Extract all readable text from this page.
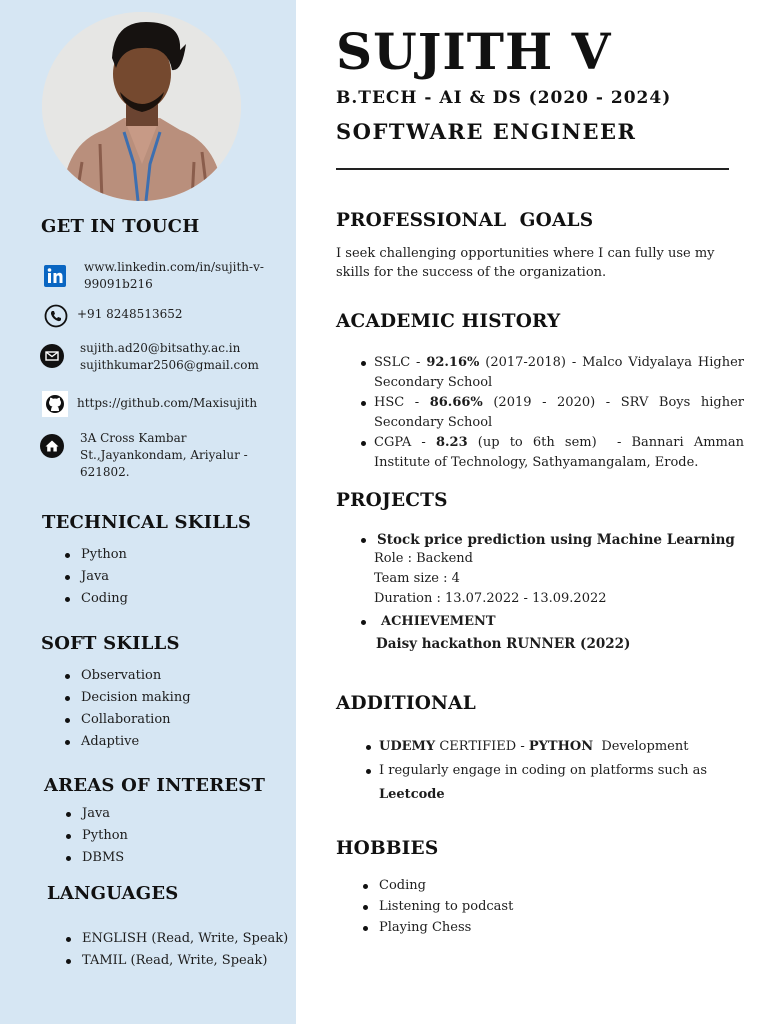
GET IN TOUCH
www.linkedin.com/in/sujith-v-99091b216
+91 8248513652
sujith.ad20@bitsathy.ac.in
sujithkumar2506@gmail.com
https://github.com/Maxisujith
3A Cross Kambar
St.,Jayankondam, Ariyalur -
621802.
TECHNICAL SKILLS
Python
Java
Coding
SOFT SKILLS
Observation
Decision making
Collaboration
Adaptive
AREAS OF INTEREST
Java
Python
DBMS
LANGUAGES
ENGLISH (Read, Write, Speak)
TAMIL (Read, Write, Speak)
SUJITH V
B.TECH - AI & DS (2020 - 2024)
SOFTWARE ENGINEER
PROFESSIONAL  GOALS
I seek challenging opportunities where I can fully use my skills for the success of the organization.
ACADEMIC HISTORY
SSLC - 92.16% (2017-2018) - Malco Vidyalaya Higher Secondary School
HSC - 86.66% (2019 - 2020) - SRV Boys higher Secondary School
CGPA - 8.23 (up to 6th sem)  - Bannari Amman Institute of Technology, Sathyamangalam, Erode.
PROJECTS
Stock price prediction using Machine Learning
Role : Backend
Team size : 4
Duration : 13.07.2022 - 13.09.2022
ACHIEVEMENT
Daisy hackathon RUNNER (2022)
ADDITIONAL
UDEMY CERTIFIED - PYTHON  Development
I regularly engage in coding on platforms such as
Leetcode
HOBBIES
Coding
Listening to podcast
Playing Chess
